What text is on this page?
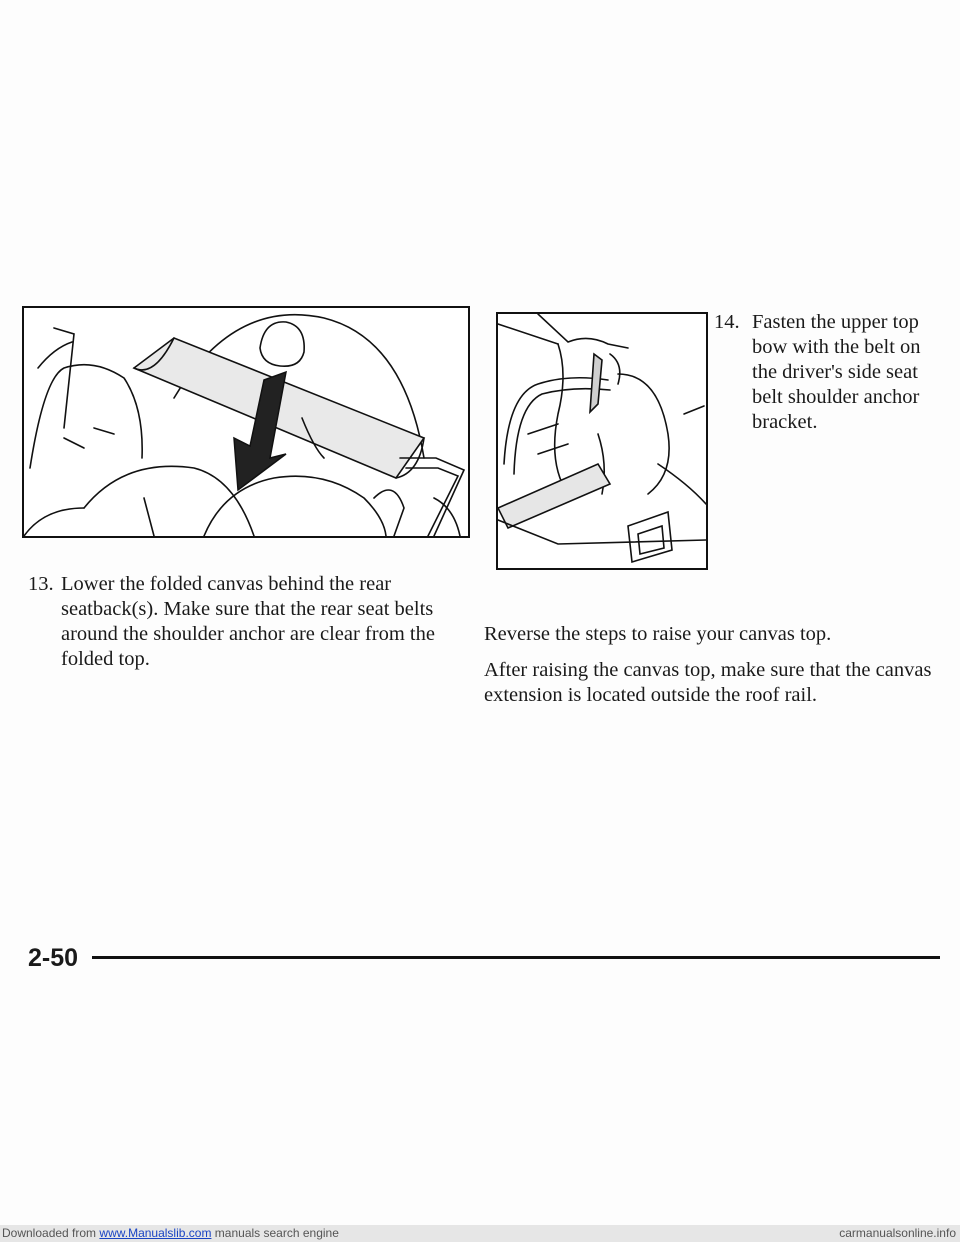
13. Lower the folded canvas behind the rear seatback(s). Make sure that the rear seat belts around the shoulder anchor are clear from the folded top.
14. Fasten the upper top bow with the belt on the driver's side seat belt shoulder anchor bracket.

Reverse the steps to raise your canvas top.

After raising the canvas top, make sure that the canvas extension is located outside the roof rail.

2-50
Downloaded from www.Manualslib.com manuals search engine	carmanualsonline.info
